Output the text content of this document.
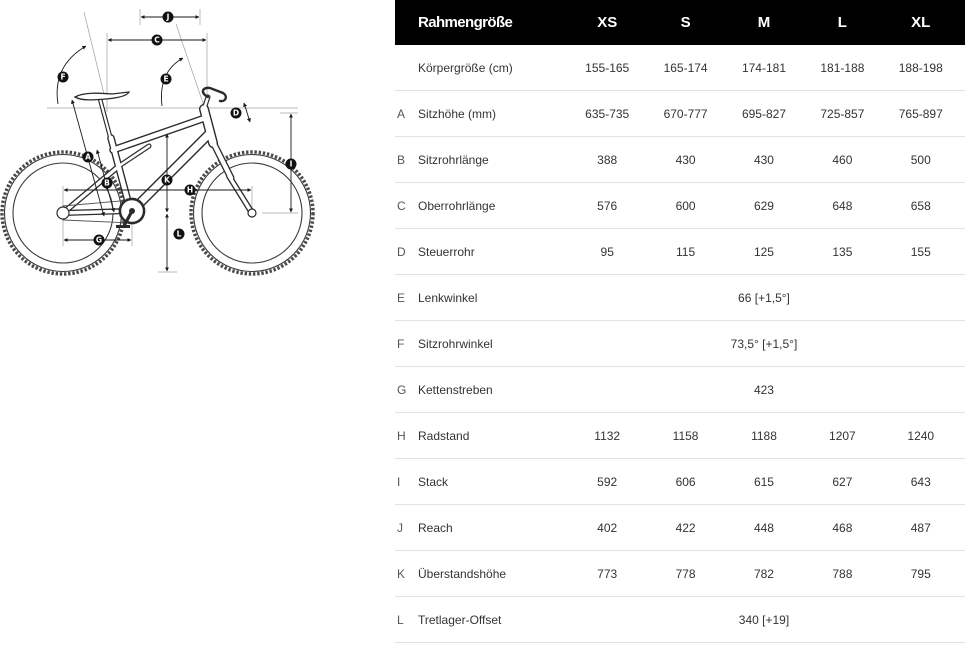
J
C
F	E
D
A
B	K
H
I
G
L
Rahmengröße	XS	S	M	L	XL
Körpergröße (cm)	155-165	165-174	174-181	181-188	188-198
A	Sitzhöhe (mm)	635-735	670-777	695-827	725-857	765-897
B	Sitzrohrlänge	388	430	430	460	500
C	Oberrohrlänge	576	600	629	648	658
D	Steuerrohr	95	115	125	135	155
E	Lenkwinkel	66 [+1,5°]
F	Sitzrohrwinkel	73,5° [+1,5°]
G Kettenstreben	423
H	Radstand	1132	1158	1188	1207	1240
I	Stack	592	606	615	627	643
J	Reach	402	422	448	468	487
K	Überstandshöhe	773	778	782	788	795
L	Tretlager-Offset	340 [+19]
